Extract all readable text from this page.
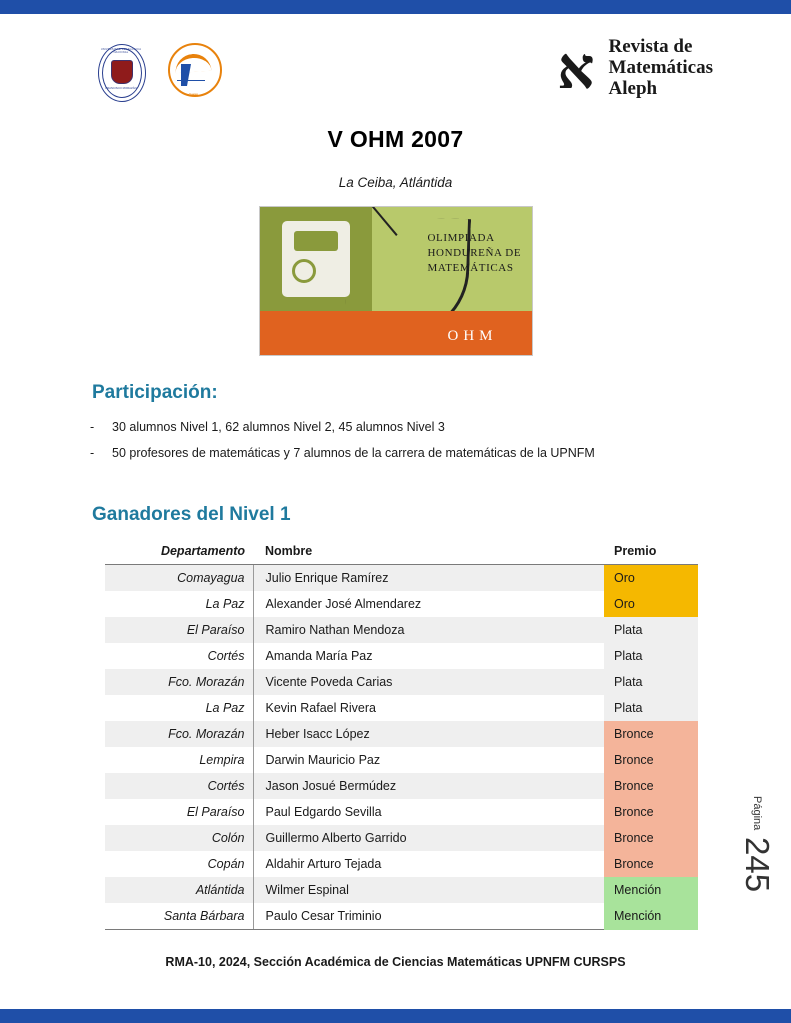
UNIVERSIDAD PEDAGÓGICA NACIONAL
FRANCISCO MORAZÁN
OHM	א Revista de
Matemáticas
Aleph
V OHM 2007
La Ceiba, Atlántida
OLIMPIADA
HONDUREÑA DE
MATEMÁTICAS
OHM
Participación:
- 30 alumnos Nivel 1, 62 alumnos Nivel 2, 45 alumnos Nivel 3
- 50 profesores de matemáticas y 7 alumnos de la carrera de matemáticas de la UPNFM
Ganadores del Nivel 1
Departamento	Nombre	Premio
Comayagua	Julio Enrique Ramírez	Oro
La Paz	Alexander José Almendarez	Oro
El Paraíso	Ramiro Nathan Mendoza	Plata
Cortés	Amanda María Paz	Plata
Fco. Morazán	Vicente Poveda Carias	Plata
La Paz	Kevin Rafael Rivera	Plata
Fco. Morazán	Heber Isacc López	Bronce
Lempira	Darwin Mauricio Paz	Bronce
Cortés	Jason Josué Bermúdez	Bronce
El Paraíso	Paul Edgardo Sevilla	Bronce
Colón	Guillermo Alberto Garrido	Bronce
Copán	Aldahir Arturo Tejada	Bronce
Atlántida	Wilmer Espinal	Mención
Santa Bárbara	Paulo Cesar Triminio	Mención
Página245
RMA-10, 2024, Sección Académica de Ciencias Matemáticas UPNFM CURSPS
